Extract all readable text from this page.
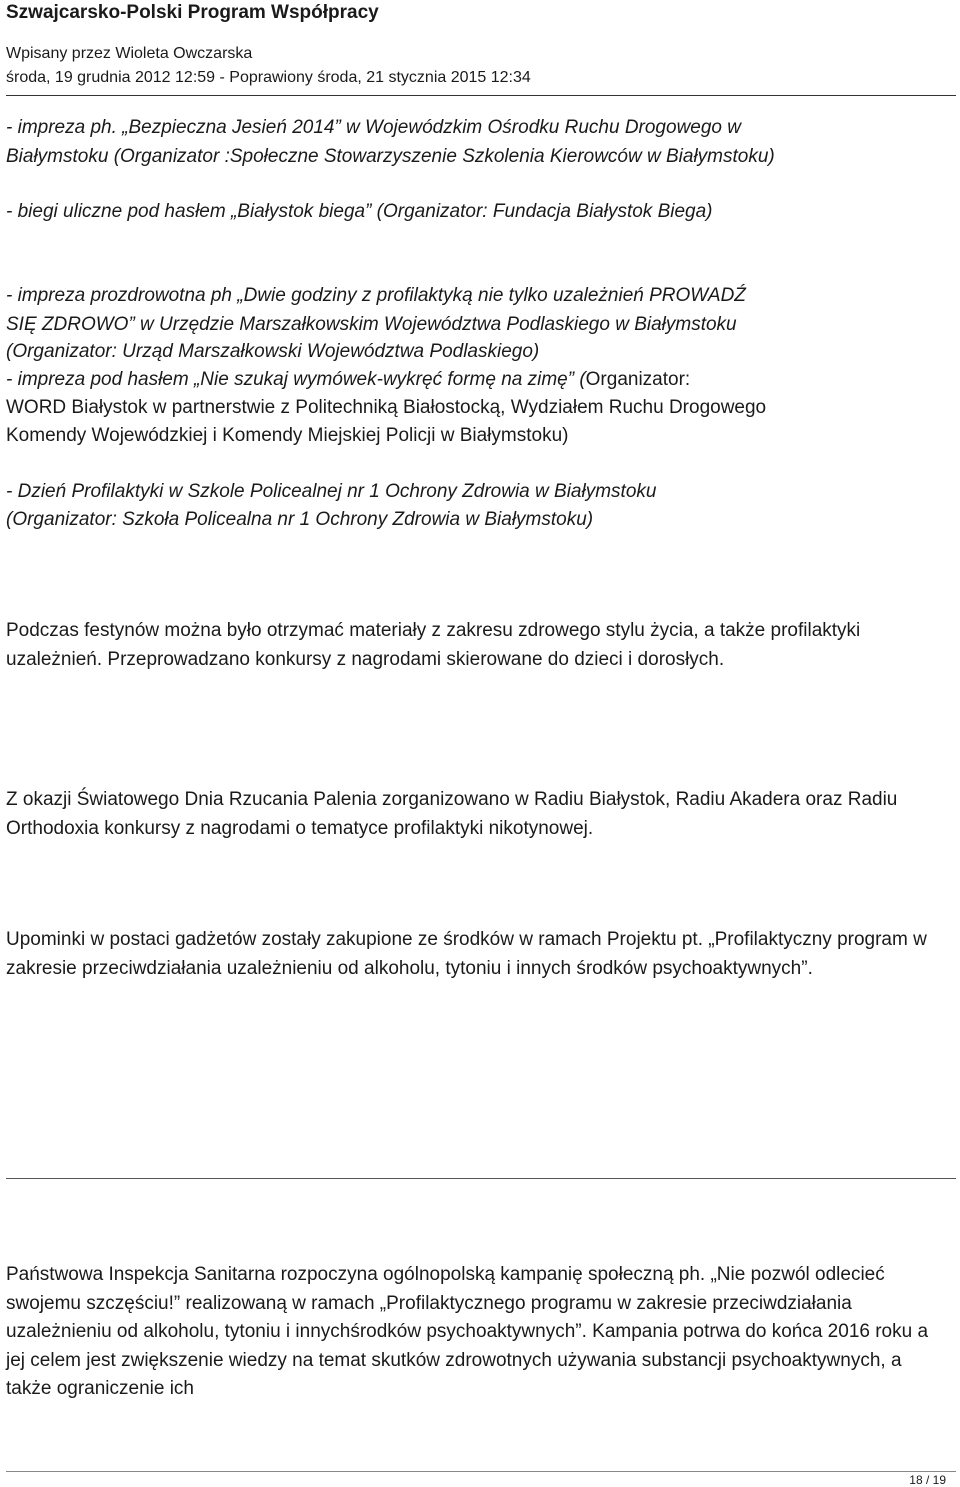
Szwajcarsko-Polski Program Współpracy
Wpisany przez Wioleta Owczarska
środa, 19 grudnia 2012 12:59 - Poprawiony środa, 21 stycznia 2015 12:34
- impreza ph. „Bezpieczna Jesień 2014” w Wojewódzkim Ośrodku Ruchu Drogowego w
Białymstoku (Organizator :Społeczne Stowarzyszenie Szkolenia Kierowców w Białymstoku)
- biegi uliczne pod hasłem „Białystok biega” (Organizator: Fundacja Białystok Biega)
- impreza prozdrowotna ph „Dwie godziny z profilaktyką nie tylko uzależnień PROWADŹ
SIĘ ZDROWO” w Urzędzie Marszałkowskim Województwa Podlaskiego w Białymstoku
(Organizator: Urząd Marszałkowski Województwa Podlaskiego)
- impreza pod hasłem „Nie szukaj wymówek-wykręć formę na zimę” (Organizator:
WORD Białystok w partnerstwie z Politechniką Białostocką, Wydziałem Ruchu Drogowego
Komendy Wojewódzkiej i Komendy Miejskiej Policji w Białymstoku)
- Dzień Profilaktyki w Szkole Policealnej nr 1 Ochrony Zdrowia w Białymstoku
(Organizator: Szkoła Policealna nr 1 Ochrony Zdrowia w Białymstoku)
Podczas festynów można było otrzymać materiały z zakresu zdrowego stylu życia, a także profilaktyki uzależnień. Przeprowadzano konkursy z nagrodami skierowane do dzieci i dorosłych.
Z okazji Światowego Dnia Rzucania Palenia zorganizowano w Radiu Białystok, Radiu Akadera oraz Radiu Orthodoxia konkursy z nagrodami o tematyce profilaktyki nikotynowej.
Upominki w postaci gadżetów zostały zakupione ze środków w ramach Projektu pt. „Profilaktyczny program w zakresie przeciwdziałania uzależnieniu od alkoholu, tytoniu i innych środków psychoaktywnych”.
Państwowa Inspekcja Sanitarna rozpoczyna ogólnopolską kampanię społeczną ph. „Nie pozwól odlecieć swojemu szczęściu!” realizowaną w ramach „Profilaktycznego programu w zakresie przeciwdziałania uzależnieniu od alkoholu, tytoniu i innychśrodków psychoaktywnych”. Kampania potrwa do końca 2016 roku a jej celem jest zwiększenie wiedzy na temat skutków zdrowotnych używania substancji psychoaktywnych, a także ograniczenie ich
18 / 19
